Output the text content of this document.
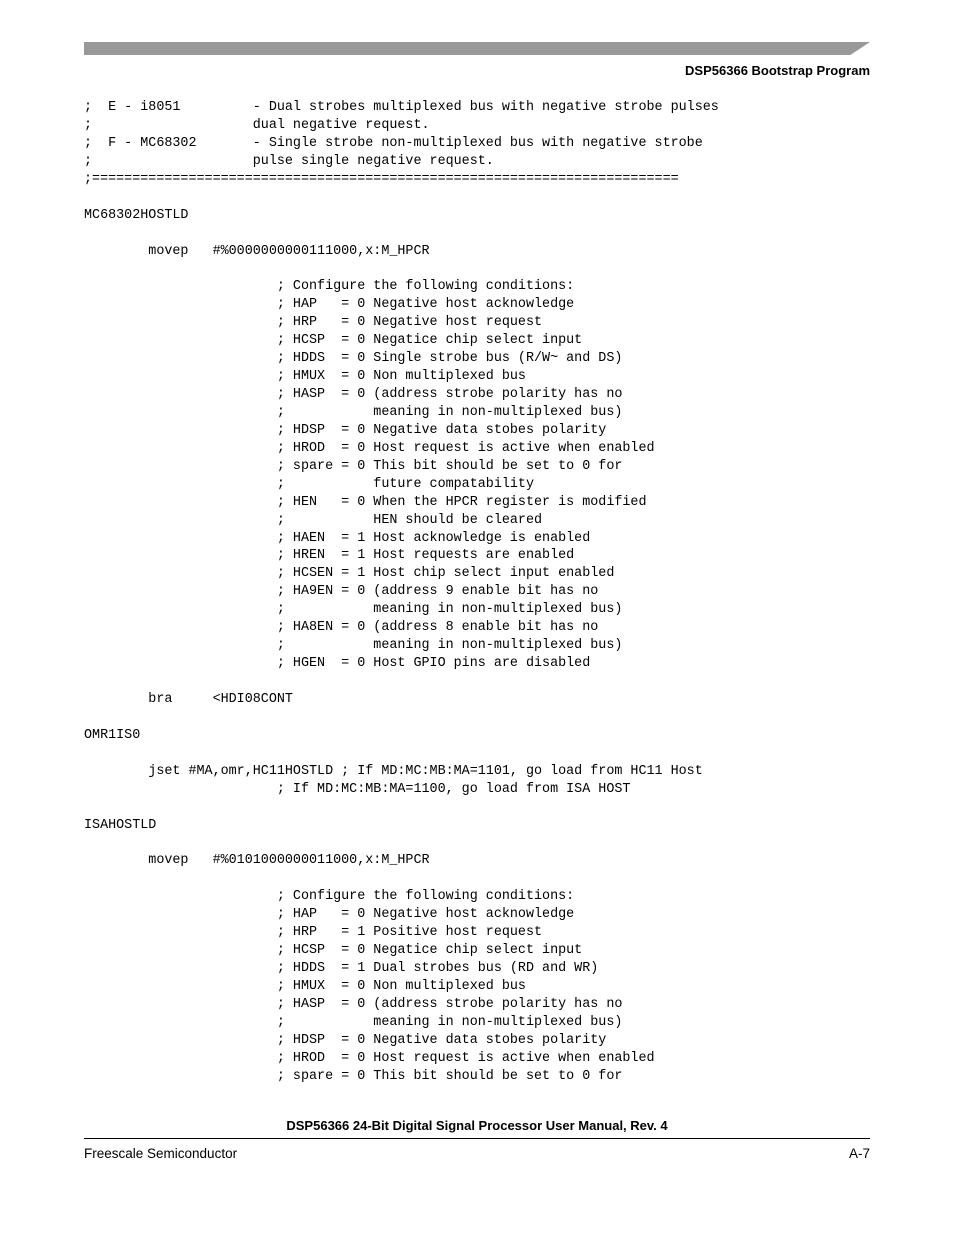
DSP56366 Bootstrap Program
;  E - i8051         - Dual strobes multiplexed bus with negative strobe pulses
;                    dual negative request.
;  F - MC68302       - Single strobe non-multiplexed bus with negative strobe
;                    pulse single negative request.
;=========================================================================
MC68302HOSTLD
movep   #%0000000000111000,x:M_HPCR
; Configure the following conditions:
; HAP   = 0 Negative host acknowledge
; HRP   = 0 Negative host request
; HCSP  = 0 Negatice chip select input
; HDDS  = 0 Single strobe bus (R/W~ and DS)
; HMUX  = 0 Non multiplexed bus
; HASP  = 0 (address strobe polarity has no
;           meaning in non-multiplexed bus)
; HDSP  = 0 Negative data stobes polarity
; HROD  = 0 Host request is active when enabled
; spare = 0 This bit should be set to 0 for
;           future compatability
; HEN   = 0 When the HPCR register is modified
;           HEN should be cleared
; HAEN  = 1 Host acknowledge is enabled
; HREN  = 1 Host requests are enabled
; HCSEN = 1 Host chip select input enabled
; HA9EN = 0 (address 9 enable bit has no
;           meaning in non-multiplexed bus)
; HA8EN = 0 (address 8 enable bit has no
;           meaning in non-multiplexed bus)
; HGEN  = 0 Host GPIO pins are disabled
bra     <HDI08CONT
OMR1IS0
jset #MA,omr,HC11HOSTLD ; If MD:MC:MB:MA=1101, go load from HC11 Host
; If MD:MC:MB:MA=1100, go load from ISA HOST
ISAHOSTLD
movep   #%0101000000011000,x:M_HPCR
; Configure the following conditions:
; HAP   = 0 Negative host acknowledge
; HRP   = 1 Positive host request
; HCSP  = 0 Negatice chip select input
; HDDS  = 1 Dual strobes bus (RD and WR)
; HMUX  = 0 Non multiplexed bus
; HASP  = 0 (address strobe polarity has no
;           meaning in non-multiplexed bus)
; HDSP  = 0 Negative data stobes polarity
; HROD  = 0 Host request is active when enabled
; spare = 0 This bit should be set to 0 for
DSP56366 24-Bit Digital Signal Processor User Manual, Rev. 4
Freescale Semiconductor	A-7
